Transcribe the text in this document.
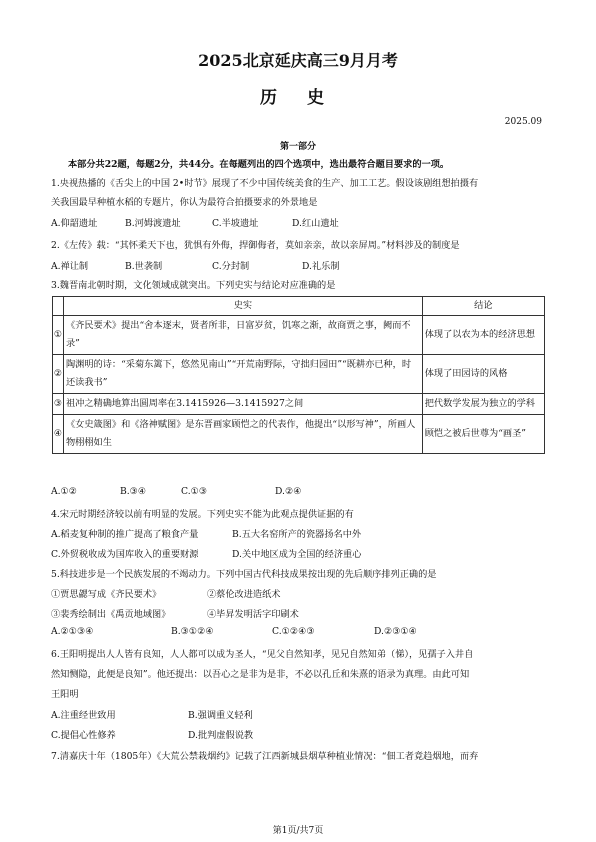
2025北京延庆高三9月月考
历 史
2025.09
第一部分
本部分共22题，每题2分，共44分。在每题列出的四个选项中，选出最符合题目要求的一项。
1.央视热播的《舌尖上的中国 2•时节》展现了不少中国传统美食的生产、加工工艺。假设该剧组想拍摄有
关我国最早种植水稻的专题片，你认为最符合拍摄要求的外景地是
A.仰韶遗址	B.河姆渡遗址	C.半坡遗址	D.红山遗址
2.《左传》载：“其怀柔天下也，犹惧有外侮，捍御侮者，莫如亲亲，故以亲屏周。”材料涉及的制度是
A.禅让制	B.世袭制	C.分封制	D.礼乐制
3.魏晋南北朝时期，文化领域成就突出。下列史实与结论对应准确的是
	史实	结论
①	《齐民要术》提出“舍本逐末，贤者所非，日富岁贫，饥寒之渐，故商贾之事，阙而不录”	体现了以农为本的经济思想
②	陶渊明的诗：“采菊东篱下，悠然见南山”“开荒南野际，守拙归园田”“既耕亦已种，时还读我书”	体现了田园诗的风格
③	祖冲之精确地算出圆周率在3.1415926—3.1415927之间	把代数学发展为独立的学科
④	《女史箴图》和《洛神赋图》是东晋画家顾恺之的代表作，他提出“以形写神”，所画人物栩栩如生	顾恺之被后世尊为“画圣”
A.①②	B.③④	C.①③	D.②④
4.宋元时期经济较以前有明显的发展。下列史实不能为此观点提供证据的有
A.稻麦复种制的推广提高了粮食产量	B.五大名窑所产的瓷器扬名中外
C.外贸税收成为国库收入的重要财源	D.关中地区成为全国的经济重心
5.科技进步是一个民族发展的不竭动力。下列中国古代科技成果按出现的先后顺序排列正确的是
①贾思勰写成《齐民要术》	②蔡伦改进造纸术
③裴秀绘制出《禹贡地域图》	④毕昇发明活字印刷术
A.②①③④	B.③①②④	C.①②④③	D.②③①④
6.王阳明提出人人皆有良知，人人都可以成为圣人，“见父自然知孝，见兄自然知弟（悌），见孺子入井自
然知恻隐，此便是良知”。他还提出：以吾心之是非为是非，不必以孔丘和朱熹的语录为真理。由此可知
王阳明
A.注重经世致用	B.强调重义轻利
C.提倡心性修养	D.批判虚假说教
7.清嘉庆十年（1805年）《大荒公禁栽烟约》记载了江西新城县烟草种植业情况：“佃工者竟趋烟地，而弃
第1页/共7页
